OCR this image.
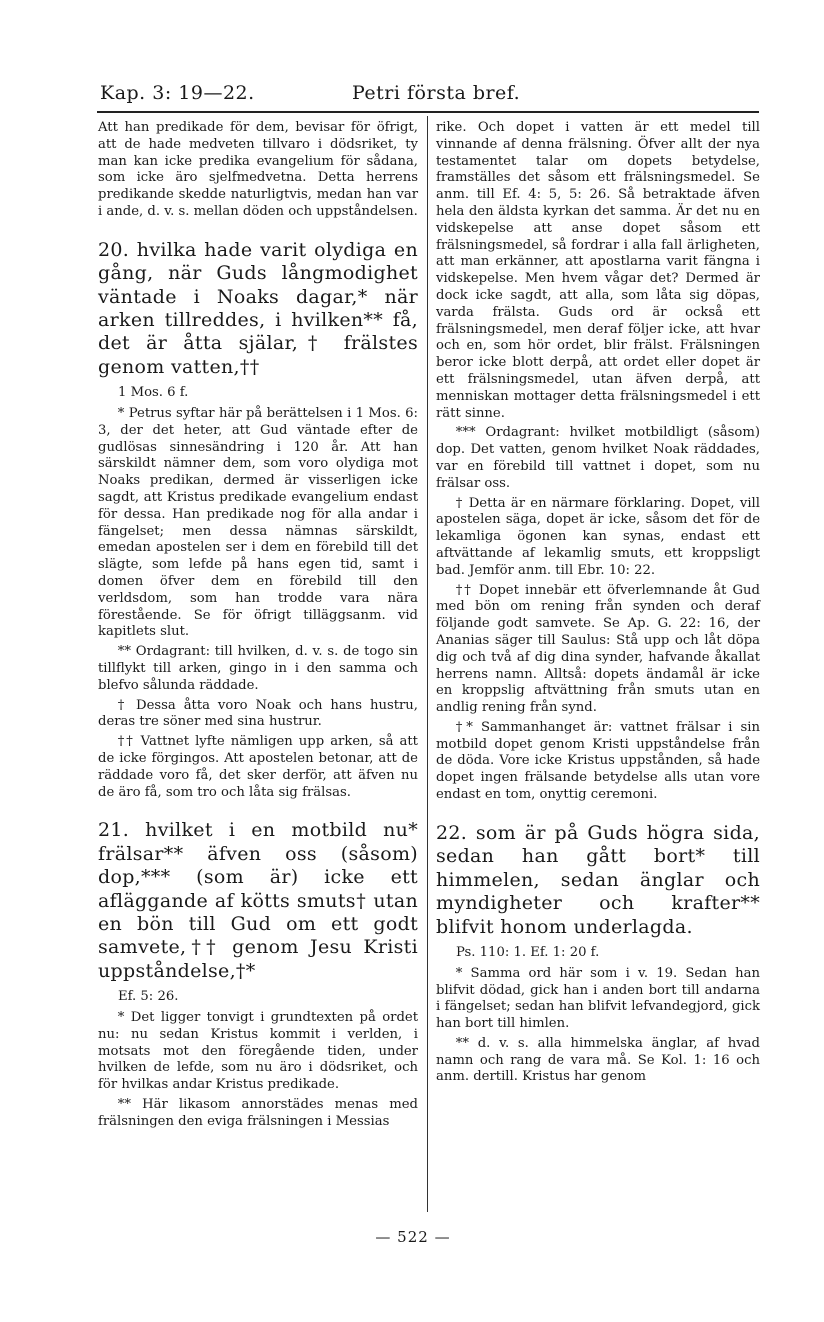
Kap. 3: 19—22.	Petri första bref.

Att han predikade för dem, bevisar för öfrigt, att de hade medveten tillvaro i dödsriket, ty man kan icke predika evangelium för sådana, som icke äro sjelfmedvetna. Detta herrens predikande skedde naturligtvis, medan han var i ande, d. v. s. mellan döden och uppståndelsen.

20. hvilka hade varit olydiga en gång, när Guds långmodighet väntade i Noaks dagar,* när arken tillreddes, i hvilken** få, det är åtta själar,† frälstes genom vatten,††

1 Mos. 6 f.

* Petrus syftar här på berättelsen i 1 Mos. 6: 3, der det heter, att Gud väntade efter de gudlösas sinnesändring i 120 år. Att han särskildt nämner dem, som voro olydiga mot Noaks predikan, dermed är visserligen icke sagdt, att Kristus predikade evangelium endast för dessa. Han predikade nog för alla andar i fängelset; men dessa nämnas särskildt, emedan apostelen ser i dem en förebild till det slägte, som lefde på hans egen tid, samt i domen öfver dem en förebild till den verldsdom, som han trodde vara nära förestående. Se för öfrigt tilläggsanm. vid kapitlets slut.

** Ordagrant: till hvilken, d. v. s. de togo sin tillflykt till arken, gingo in i den samma och blefvo sålunda räddade.

† Dessa åtta voro Noak och hans hustru, deras tre söner med sina hustrur.

†† Vattnet lyfte nämligen upp arken, så att de icke förgingos. Att apostelen betonar, att de räddade voro få, det sker derför, att äfven nu de äro få, som tro och låta sig frälsas.

21. hvilket i en motbild nu* frälsar** äfven oss (såsom) dop,*** (som är) icke ett afläggande af kötts smuts† utan en bön till Gud om ett godt samvete,†† genom Jesu Kristi uppståndelse,†*

Ef. 5: 26.

* Det ligger tonvigt i grundtexten på ordet nu: nu sedan Kristus kommit i verlden, i motsats mot den föregående tiden, under hvilken de lefde, som nu äro i dödsriket, och för hvilkas andar Kristus predikade.

** Här likasom annorstädes menas med frälsningen den eviga frälsningen i Messias

rike. Och dopet i vatten är ett medel till vinnande af denna frälsning. Öfver allt der nya testamentet talar om dopets betydelse, framställes det såsom ett frälsningsmedel. Se anm. till Ef. 4: 5, 5: 26. Så betraktade äfven hela den äldsta kyrkan det samma. Är det nu en vidskepelse att anse dopet såsom ett frälsningsmedel, så fordrar i alla fall ärligheten, att man erkänner, att apostlarna varit fängna i vidskepelse. Men hvem vågar det? Dermed är dock icke sagdt, att alla, som låta sig döpas, varda frälsta. Guds ord är också ett frälsningsmedel, men deraf följer icke, att hvar och en, som hör ordet, blir frälst. Frälsningen beror icke blott derpå, att ordet eller dopet är ett frälsningsmedel, utan äfven derpå, att menniskan mottager detta frälsningsmedel i ett rätt sinne.

*** Ordagrant: hvilket motbildligt (såsom) dop. Det vatten, genom hvilket Noak räddades, var en förebild till vattnet i dopet, som nu frälsar oss.

† Detta är en närmare förklaring. Dopet, vill apostelen säga, dopet är icke, såsom det för de lekamliga ögonen kan synas, endast ett aftvättande af lekamlig smuts, ett kroppsligt bad. Jemför anm. till Ebr. 10: 22.

†† Dopet innebär ett öfverlemnande åt Gud med bön om rening från synden och deraf följande godt samvete. Se Ap. G. 22: 16, der Ananias säger till Saulus: Stå upp och låt döpa dig och två af dig dina synder, hafvande åkallat herrens namn. Alltså: dopets ändamål är icke en kroppslig aftvättning från smuts utan en andlig rening från synd.

†* Sammanhanget är: vattnet frälsar i sin motbild dopet genom Kristi uppståndelse från de döda. Vore icke Kristus uppstånden, så hade dopet ingen frälsande betydelse alls utan vore endast en tom, onyttig ceremoni.

22. som är på Guds högra sida, sedan han gått bort* till himmelen, sedan änglar och myndigheter och krafter** blifvit honom underlagda.

Ps. 110: 1. Ef. 1: 20 f.

* Samma ord här som i v. 19. Sedan han blifvit dödad, gick han i anden bort till andarna i fängelset; sedan han blifvit lefvandegjord, gick han bort till himlen.

** d. v. s. alla himmelska änglar, af hvad namn och rang de vara må. Se Kol. 1: 16 och anm. dertill. Kristus har genom

— 522 —
